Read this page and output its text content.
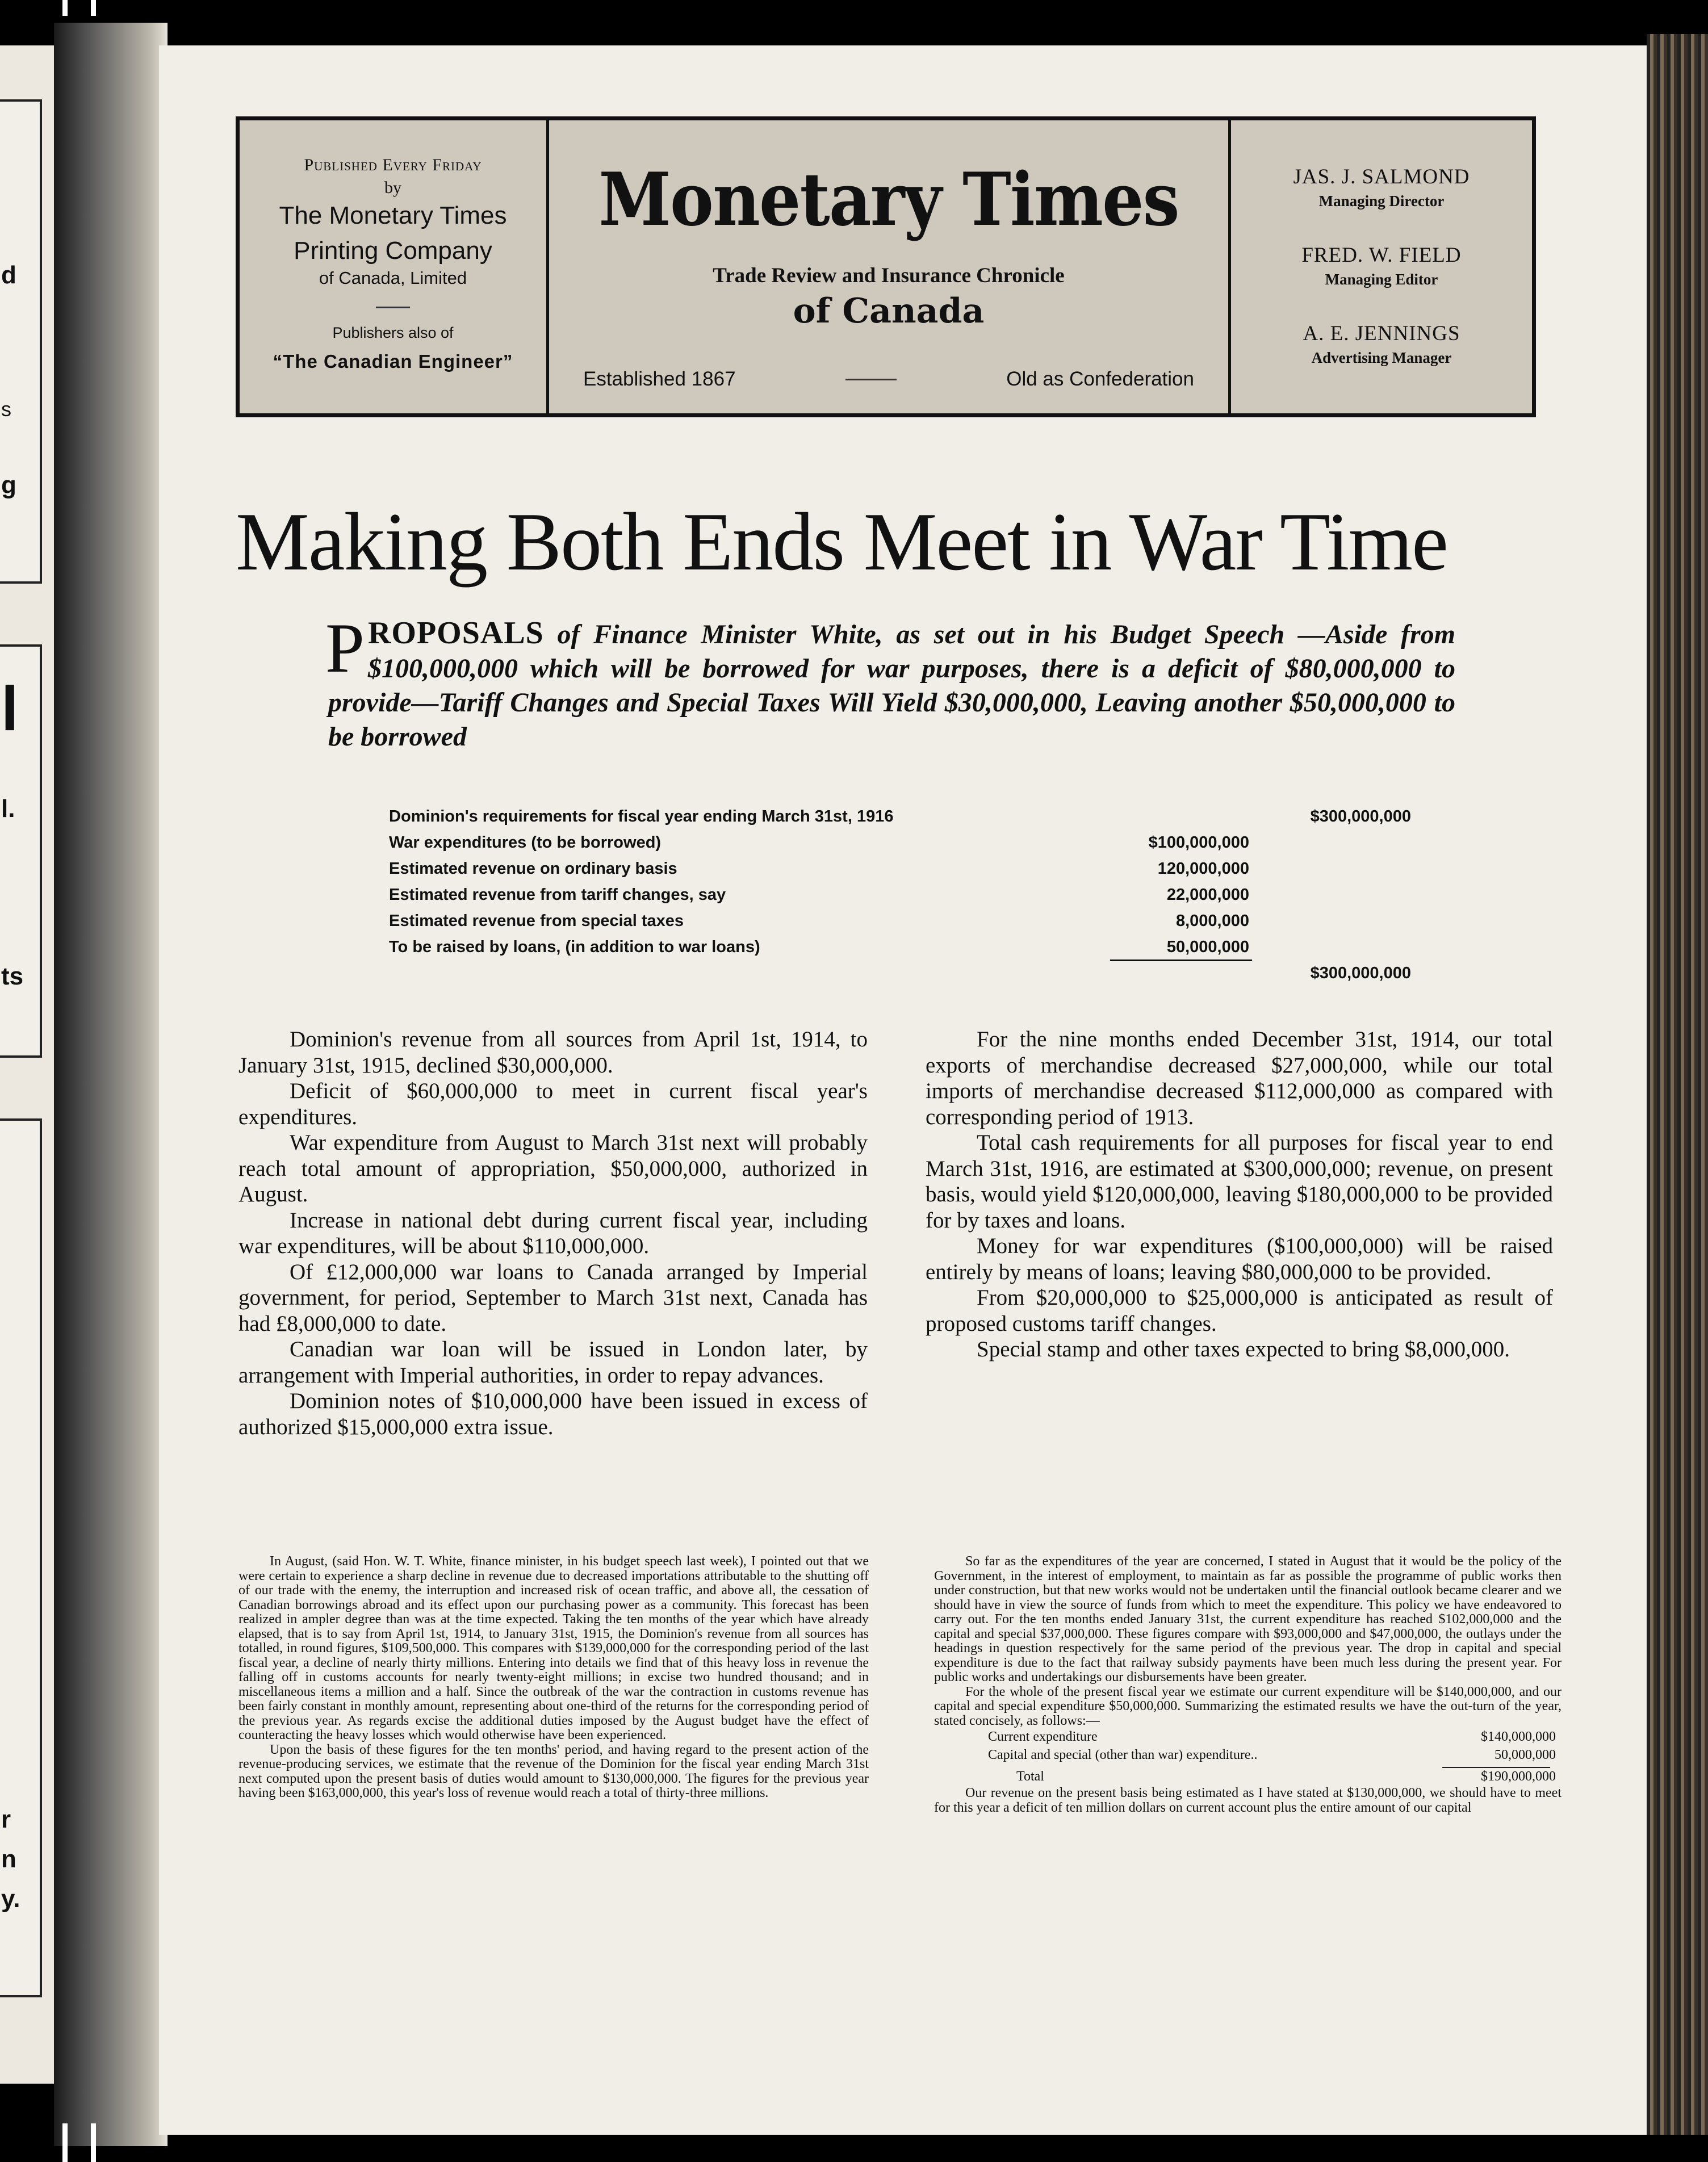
d
s
g
l
l.
ts
r
n
y.
Published Every Friday
by
The Monetary Times
Printing Company
of Canada, Limited
Publishers also of
“The Canadian Engineer”
Monetary Times
Trade Review and Insurance Chronicle
of Canada
Established 1867	Old as Confederation
JAS. J. SALMOND
Managing Director
FRED. W. FIELD
Managing Editor
A. E. JENNINGS
Advertising Manager
Making Both Ends Meet in War Time
PROPOSALS of Finance Minister White, as set out in his Budget Speech —Aside from $100,000,000 which will be borrowed for war purposes, there is a deficit of $80,000,000 to provide—Tariff Changes and Special Taxes Will Yield $30,000,000, Leaving another $50,000,000 to be borrowed
Dominion's requirements for fiscal year ending March 31st, 1916	$300,000,000
War expenditures (to be borrowed)	$100,000,000
Estimated revenue on ordinary basis	120,000,000
Estimated revenue from tariff changes, say	22,000,000
Estimated revenue from special taxes	8,000,000
To be raised by loans, (in addition to war loans)	50,000,000
$300,000,000

Dominion's revenue from all sources from April 1st, 1914, to January 31st, 1915, declined $30,000,000.

Deficit of $60,000,000 to meet in current fiscal year's expenditures.

War expenditure from August to March 31st next will probably reach total amount of appropriation, $50,000,000, authorized in August.

Increase in national debt during current fiscal year, including war expenditures, will be about $110,000,000.

Of £12,000,000 war loans to Canada arranged by Imperial government, for period, September to March 31st next, Canada has had £8,000,000 to date.

Canadian war loan will be issued in London later, by arrangement with Imperial authorities, in order to repay advances.

Dominion notes of $10,000,000 have been issued in excess of authorized $15,000,000 extra issue.

For the nine months ended December 31st, 1914, our total exports of merchandise decreased $27,000,000, while our total imports of merchandise decreased $112,000,000 as compared with corresponding period of 1913.

Total cash requirements for all purposes for fiscal year to end March 31st, 1916, are estimated at $300,000,000; revenue, on present basis, would yield $120,000,000, leaving $180,000,000 to be provided for by taxes and loans.

Money for war expenditures ($100,000,000) will be raised entirely by means of loans; leaving $80,000,000 to be provided.

From $20,000,000 to $25,000,000 is anticipated as result of proposed customs tariff changes.

Special stamp and other taxes expected to bring $8,000,000.

In August, (said Hon. W. T. White, finance minister, in his budget speech last week), I pointed out that we were certain to experience a sharp decline in revenue due to decreased importations attributable to the shutting off of our trade with the enemy, the interruption and increased risk of ocean traffic, and above all, the cessation of Canadian borrowings abroad and its effect upon our purchasing power as a community. This forecast has been realized in ampler degree than was at the time expected. Taking the ten months of the year which have already elapsed, that is to say from April 1st, 1914, to January 31st, 1915, the Dominion's revenue from all sources has totalled, in round figures, $109,500,000. This compares with $139,000,000 for the corresponding period of the last fiscal year, a decline of nearly thirty millions. Entering into details we find that of this heavy loss in revenue the falling off in customs accounts for nearly twenty-eight millions; in excise two hundred thousand; and in miscellaneous items a million and a half. Since the outbreak of the war the contraction in customs revenue has been fairly constant in monthly amount, representing about one-third of the returns for the corresponding period of the previous year. As regards excise the additional duties imposed by the August budget have the effect of counteracting the heavy losses which would otherwise have been experienced.

Upon the basis of these figures for the ten months' period, and having regard to the present action of the revenue-producing services, we estimate that the revenue of the Dominion for the fiscal year ending March 31st next computed upon the present basis of duties would amount to $130,000,000. The figures for the previous year having been $163,000,000, this year's loss of revenue would reach a total of thirty-three millions.

So far as the expenditures of the year are concerned, I stated in August that it would be the policy of the Government, in the interest of employment, to maintain as far as possible the programme of public works then under construction, but that new works would not be undertaken until the financial outlook became clearer and we should have in view the source of funds from which to meet the expenditure. This policy we have endeavored to carry out. For the ten months ended January 31st, the current expenditure has reached $102,000,000 and the capital and special $37,000,000. These figures compare with $93,000,000 and $47,000,000, the outlays under the headings in question respectively for the same period of the previous year. The drop in capital and special expenditure is due to the fact that railway subsidy payments have been much less during the present year. For public works and undertakings our disbursements have been greater.

For the whole of the present fiscal year we estimate our current expenditure will be $140,000,000, and our capital and special expenditure $50,000,000. Summarizing the estimated results we have the out-turn of the year, stated concisely, as follows:—

Current expenditure	$140,000,000
Capital and special (other than war) expenditure..	50,000,000
Total	$190,000,000

Our revenue on the present basis being estimated as I have stated at $130,000,000, we should have to meet for this year a deficit of ten million dollars on current account plus the entire amount of our capital
